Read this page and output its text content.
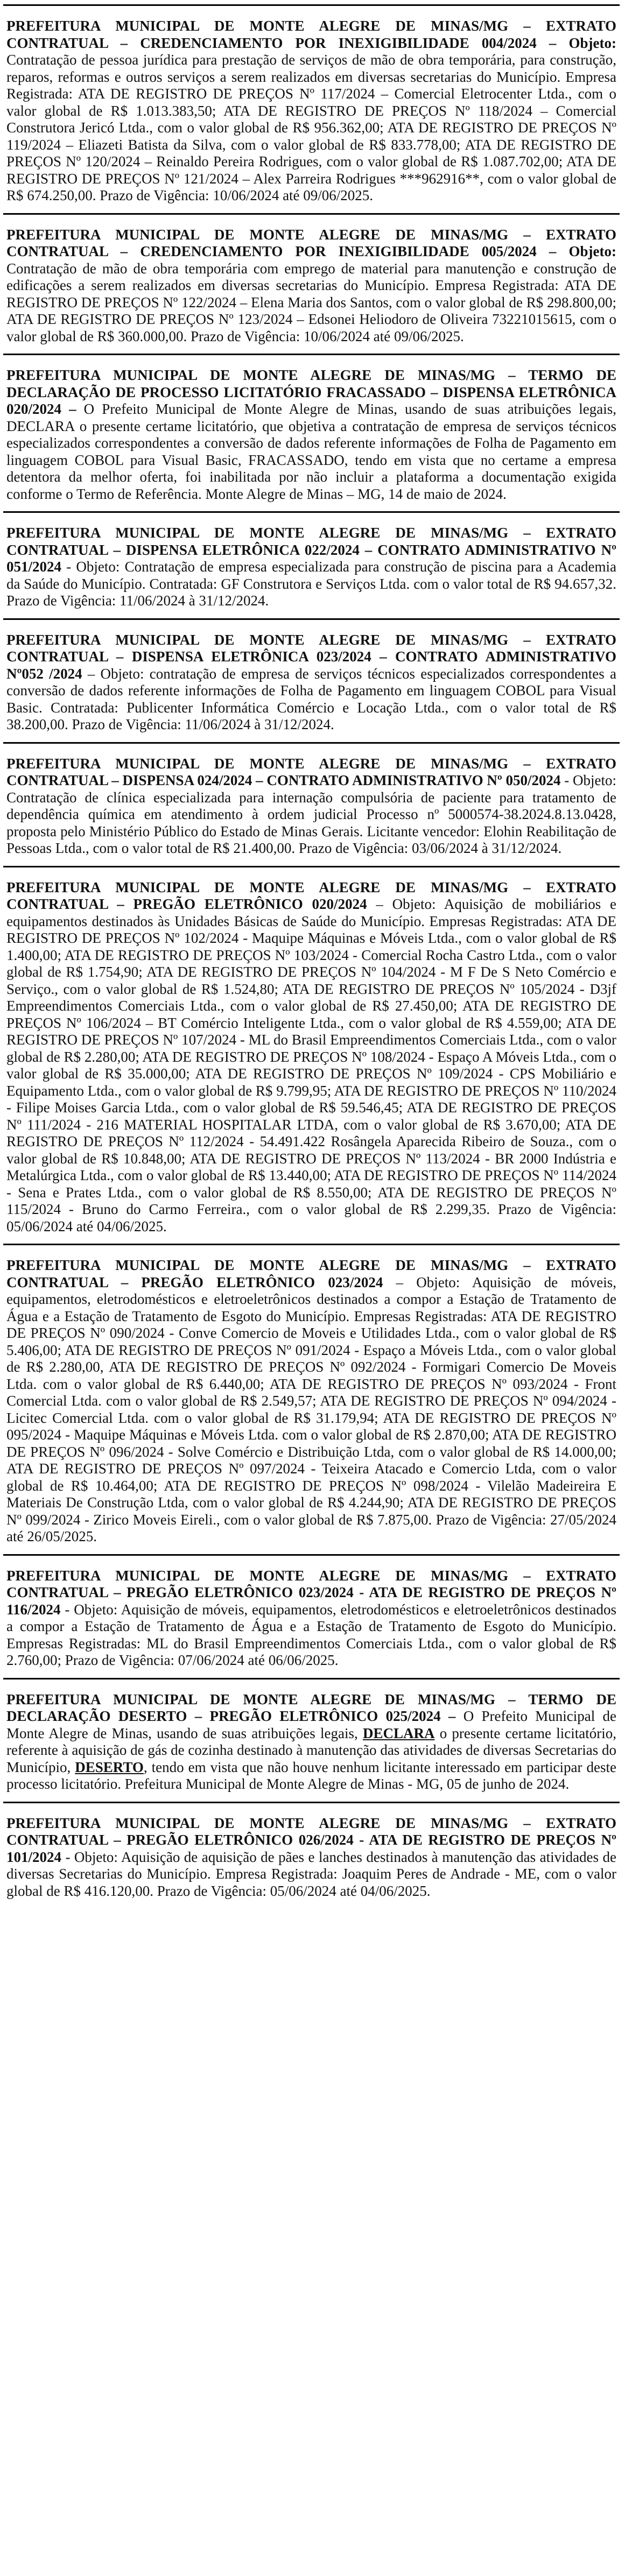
PREFEITURA MUNICIPAL DE MONTE ALEGRE DE MINAS/MG – EXTRATO CONTRATUAL – CREDENCIAMENTO POR INEXIGIBILIDADE 004/2024 – Objeto: Contratação de pessoa jurídica para prestação de serviços de mão de obra temporária, para construção, reparos, reformas e outros serviços a serem realizados em diversas secretarias do Município. Empresa Registrada: ATA DE REGISTRO DE PREÇOS Nº 117/2024 – Comercial Eletrocenter Ltda., com o valor global de R$ 1.013.383,50; ATA DE REGISTRO DE PREÇOS Nº 118/2024 – Comercial Construtora Jericó Ltda., com o valor global de R$ 956.362,00; ATA DE REGISTRO DE PREÇOS Nº 119/2024 – Eliazeti Batista da Silva, com o valor global de R$ 833.778,00; ATA DE REGISTRO DE PREÇOS Nº 120/2024 – Reinaldo Pereira Rodrigues, com o valor global de R$ 1.087.702,00; ATA DE REGISTRO DE PREÇOS Nº 121/2024 – Alex Parreira Rodrigues ***962916**, com o valor global de R$ 674.250,00. Prazo de Vigência: 10/06/2024 até 09/06/2025.

PREFEITURA MUNICIPAL DE MONTE ALEGRE DE MINAS/MG – EXTRATO CONTRATUAL – CREDENCIAMENTO POR INEXIGIBILIDADE 005/2024 – Objeto: Contratação de mão de obra temporária com emprego de material para manutenção e construção de edificações a serem realizados em diversas secretarias do Município. Empresa Registrada: ATA DE REGISTRO DE PREÇOS Nº 122/2024 – Elena Maria dos Santos, com o valor global de R$ 298.800,00; ATA DE REGISTRO DE PREÇOS Nº 123/2024 – Edsonei Heliodoro de Oliveira 73221015615, com o valor global de R$ 360.000,00. Prazo de Vigência: 10/06/2024 até 09/06/2025.

PREFEITURA MUNICIPAL DE MONTE ALEGRE DE MINAS/MG – TERMO DE DECLARAÇÃO DE PROCESSO LICITATÓRIO FRACASSADO – DISPENSA ELETRÔNICA 020/2024 – O Prefeito Municipal de Monte Alegre de Minas, usando de suas atribuições legais, DECLARA o presente certame licitatório, que objetiva a contratação de empresa de serviços técnicos especializados correspondentes a conversão de dados referente informações de Folha de Pagamento em linguagem COBOL para Visual Basic, FRACASSADO, tendo em vista que no certame a empresa detentora da melhor oferta, foi inabilitada por não incluir a plataforma a documentação exigida conforme o Termo de Referência. Monte Alegre de Minas – MG, 14 de maio de 2024.

PREFEITURA MUNICIPAL DE MONTE ALEGRE DE MINAS/MG – EXTRATO CONTRATUAL – DISPENSA ELETRÔNICA 022/2024 – CONTRATO ADMINISTRATIVO Nº 051/2024 - Objeto: Contratação de empresa especializada para construção de piscina para a Academia da Saúde do Município. Contratada: GF Construtora e Serviços Ltda. com o valor total de R$ 94.657,32. Prazo de Vigência: 11/06/2024 à 31/12/2024.

PREFEITURA MUNICIPAL DE MONTE ALEGRE DE MINAS/MG – EXTRATO CONTRATUAL – DISPENSA ELETRÔNICA 023/2024 – CONTRATO ADMINISTRATIVO Nº052 /2024 – Objeto: contratação de empresa de serviços técnicos especializados correspondentes a conversão de dados referente informações de Folha de Pagamento em linguagem COBOL para Visual Basic. Contratada: Publicenter Informática Comércio e Locação Ltda., com o valor total de R$ 38.200,00. Prazo de Vigência: 11/06/2024 à 31/12/2024.

PREFEITURA MUNICIPAL DE MONTE ALEGRE DE MINAS/MG – EXTRATO CONTRATUAL – DISPENSA 024/2024 – CONTRATO ADMINISTRATIVO Nº 050/2024 - Objeto: Contratação de clínica especializada para internação compulsória de paciente para tratamento de dependência química em atendimento à ordem judicial Processo nº 5000574-38.2024.8.13.0428, proposta pelo Ministério Público do Estado de Minas Gerais. Licitante vencedor: Elohin Reabilitação de Pessoas Ltda., com o valor total de R$ 21.400,00. Prazo de Vigência: 03/06/2024 à 31/12/2024.

PREFEITURA MUNICIPAL DE MONTE ALEGRE DE MINAS/MG – EXTRATO CONTRATUAL – PREGÃO ELETRÔNICO 020/2024 – Objeto: Aquisição de mobiliários e equipamentos destinados às Unidades Básicas de Saúde do Município. Empresas Registradas: ATA DE REGISTRO DE PREÇOS Nº 102/2024 - Maquipe Máquinas e Móveis Ltda., com o valor global de R$ 1.400,00; ATA DE REGISTRO DE PREÇOS Nº 103/2024 - Comercial Rocha Castro Ltda., com o valor global de R$ 1.754,90; ATA DE REGISTRO DE PREÇOS Nº 104/2024 - M F De S Neto Comércio e Serviço., com o valor global de R$ 1.524,80; ATA DE REGISTRO DE PREÇOS Nº 105/2024 - D3jf Empreendimentos Comerciais Ltda., com o valor global de R$ 27.450,00; ATA DE REGISTRO DE PREÇOS Nº 106/2024 – BT Comércio Inteligente Ltda., com o valor global de R$ 4.559,00; ATA DE REGISTRO DE PREÇOS Nº 107/2024 - ML do Brasil Empreendimentos Comerciais Ltda., com o valor global de R$ 2.280,00; ATA DE REGISTRO DE PREÇOS Nº 108/2024 - Espaço A Móveis Ltda., com o valor global de R$ 35.000,00; ATA DE REGISTRO DE PREÇOS Nº 109/2024 - CPS Mobiliário e Equipamento Ltda., com o valor global de R$ 9.799,95; ATA DE REGISTRO DE PREÇOS Nº 110/2024 - Filipe Moises Garcia Ltda., com o valor global de R$ 59.546,45; ATA DE REGISTRO DE PREÇOS Nº 111/2024 - 216 MATERIAL HOSPITALAR LTDA, com o valor global de R$ 3.670,00; ATA DE REGISTRO DE PREÇOS Nº 112/2024 - 54.491.422 Rosângela Aparecida Ribeiro de Souza., com o valor global de R$ 10.848,00; ATA DE REGISTRO DE PREÇOS Nº 113/2024 - BR 2000 Indústria e Metalúrgica Ltda., com o valor global de R$ 13.440,00; ATA DE REGISTRO DE PREÇOS Nº 114/2024 - Sena e Prates Ltda., com o valor global de R$ 8.550,00; ATA DE REGISTRO DE PREÇOS Nº 115/2024 - Bruno do Carmo Ferreira., com o valor global de R$ 2.299,35. Prazo de Vigência: 05/06/2024 até 04/06/2025.

PREFEITURA MUNICIPAL DE MONTE ALEGRE DE MINAS/MG – EXTRATO CONTRATUAL – PREGÃO ELETRÔNICO 023/2024 – Objeto: Aquisição de móveis, equipamentos, eletrodomésticos e eletroeletrônicos destinados a compor a Estação de Tratamento de Água e a Estação de Tratamento de Esgoto do Município. Empresas Registradas: ATA DE REGISTRO DE PREÇOS Nº 090/2024 - Conve Comercio de Moveis e Utilidades Ltda., com o valor global de R$ 5.406,00; ATA DE REGISTRO DE PREÇOS Nº 091/2024 - Espaço a Móveis Ltda., com o valor global de R$ 2.280,00, ATA DE REGISTRO DE PREÇOS Nº 092/2024 - Formigari Comercio De Moveis Ltda. com o valor global de R$ 6.440,00; ATA DE REGISTRO DE PREÇOS Nº 093/2024 - Front Comercial Ltda. com o valor global de R$ 2.549,57; ATA DE REGISTRO DE PREÇOS Nº 094/2024 - Licitec Comercial Ltda. com o valor global de R$ 31.179,94; ATA DE REGISTRO DE PREÇOS Nº 095/2024 - Maquipe Máquinas e Móveis Ltda. com o valor global de R$ 2.870,00; ATA DE REGISTRO DE PREÇOS Nº 096/2024 - Solve Comércio e Distribuição Ltda, com o valor global de R$ 14.000,00; ATA DE REGISTRO DE PREÇOS Nº 097/2024 - Teixeira Atacado e Comercio Ltda, com o valor global de R$ 10.464,00; ATA DE REGISTRO DE PREÇOS Nº 098/2024 - Vilelão Madeireira E Materiais De Construção Ltda, com o valor global de R$ 4.244,90; ATA DE REGISTRO DE PREÇOS Nº 099/2024 - Zirico Moveis Eireli., com o valor global de R$ 7.875,00. Prazo de Vigência: 27/05/2024 até 26/05/2025.

PREFEITURA MUNICIPAL DE MONTE ALEGRE DE MINAS/MG – EXTRATO CONTRATUAL – PREGÃO ELETRÔNICO 023/2024 - ATA DE REGISTRO DE PREÇOS Nº 116/2024 - Objeto: Aquisição de móveis, equipamentos, eletrodomésticos e eletroeletrônicos destinados a compor a Estação de Tratamento de Água e a Estação de Tratamento de Esgoto do Município. Empresas Registradas: ML do Brasil Empreendimentos Comerciais Ltda., com o valor global de R$ 2.760,00; Prazo de Vigência: 07/06/2024 até 06/06/2025.

PREFEITURA MUNICIPAL DE MONTE ALEGRE DE MINAS/MG – TERMO DE DECLARAÇÃO DESERTO – PREGÃO ELETRÔNICO 025/2024 – O Prefeito Municipal de Monte Alegre de Minas, usando de suas atribuições legais, DECLARA o presente certame licitatório, referente à aquisição de gás de cozinha destinado à manutenção das atividades de diversas Secretarias do Município, DESERTO, tendo em vista que não houve nenhum licitante interessado em participar deste processo licitatório. Prefeitura Municipal de Monte Alegre de Minas - MG, 05 de junho de 2024.

PREFEITURA MUNICIPAL DE MONTE ALEGRE DE MINAS/MG – EXTRATO CONTRATUAL – PREGÃO ELETRÔNICO 026/2024 - ATA DE REGISTRO DE PREÇOS Nº 101/2024 - Objeto: Aquisição de aquisição de pães e lanches destinados à manutenção das atividades de diversas Secretarias do Município. Empresa Registrada: Joaquim Peres de Andrade - ME, com o valor global de R$ 416.120,00. Prazo de Vigência: 05/06/2024 até 04/06/2025.
